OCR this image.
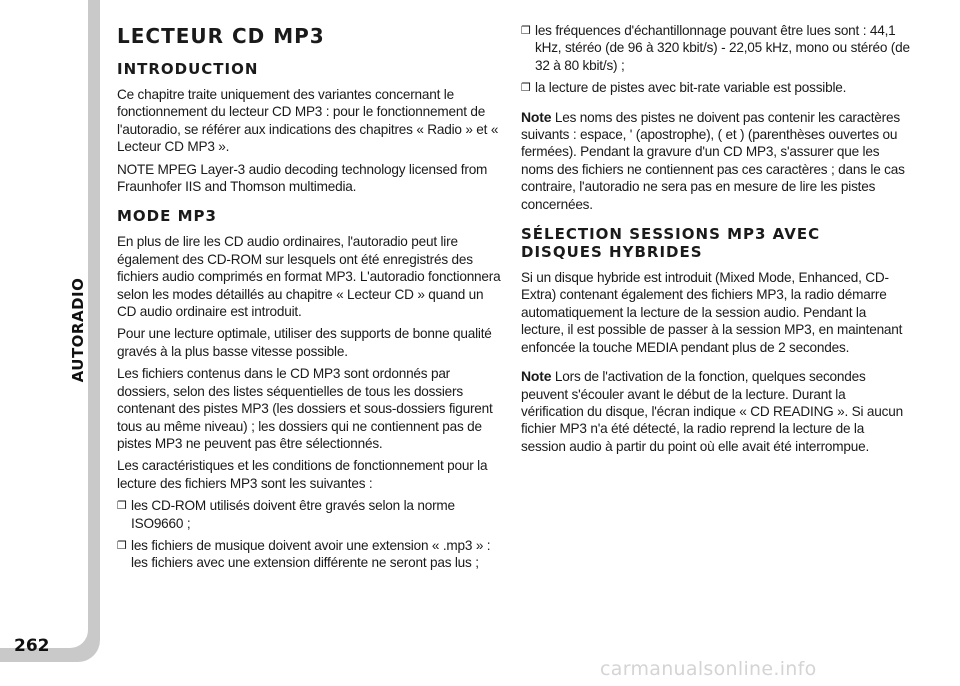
AUTORADIO
262
LECTEUR CD MP3
INTRODUCTION

Ce chapitre traite uniquement des variantes concernant le fonctionnement du lecteur CD MP3 : pour le fonctionnement de l'autoradio, se référer aux indications des chapitres « Radio » et « Lecteur CD MP3 ».

NOTE MPEG Layer-3 audio decoding technology licensed from Fraunhofer IIS and Thomson multimedia.

MODE MP3

En plus de lire les CD audio ordinaires, l'autoradio peut lire également des CD-ROM sur lesquels ont été enregistrés des fichiers audio comprimés en format MP3. L'autoradio fonctionnera selon les modes détaillés au chapitre « Lecteur CD » quand un CD audio ordinaire est introduit.

Pour une lecture optimale, utiliser des supports de bonne qualité gravés à la plus basse vitesse possible.

Les fichiers contenus dans le CD MP3 sont ordonnés par dossiers, selon des listes séquentielles de tous les dossiers contenant des pistes MP3 (les dossiers et sous-dossiers figurent tous au même niveau) ; les dossiers qui ne contiennent pas de pistes MP3 ne peuvent pas être sélectionnés.

Les caractéristiques et les conditions de fonctionnement pour la lecture des fichiers MP3 sont les suivantes :

❒ les CD-ROM utilisés doivent être gravés selon la norme ISO9660 ;

❒ les fichiers de musique doivent avoir une extension « .mp3 » : les fichiers avec une extension différente ne seront pas lus ;

❒ les fréquences d'échantillonnage pouvant être lues sont : 44,1 kHz, stéréo (de 96 à 320 kbit/s) - 22,05 kHz, mono ou stéréo (de 32 à 80 kbit/s) ;

❒ la lecture de pistes avec bit-rate variable est possible.

Note Les noms des pistes ne doivent pas contenir les caractères suivants : espace, ' (apostrophe), ( et ) (parenthèses ouvertes ou fermées). Pendant la gravure d'un CD MP3, s'assurer que les noms des fichiers ne contiennent pas ces caractères ; dans le cas contraire, l'autoradio ne sera pas en mesure de lire les pistes concernées.

SÉLECTION SESSIONS MP3 AVEC
DISQUES HYBRIDES

Si un disque hybride est introduit (Mixed Mode, Enhanced, CD-Extra) contenant également des fichiers MP3, la radio démarre automatiquement la lecture de la session audio. Pendant la lecture, il est possible de passer à la session MP3, en maintenant enfoncée la touche MEDIA pendant plus de 2 secondes.

Note Lors de l'activation de la fonction, quelques secondes peuvent s'écouler avant le début de la lecture. Durant la vérification du disque, l'écran indique « CD READING ». Si aucun fichier MP3 n'a été détecté, la radio reprend la lecture de la session audio à partir du point où elle avait été interrompue.

carmanualsonline.info
